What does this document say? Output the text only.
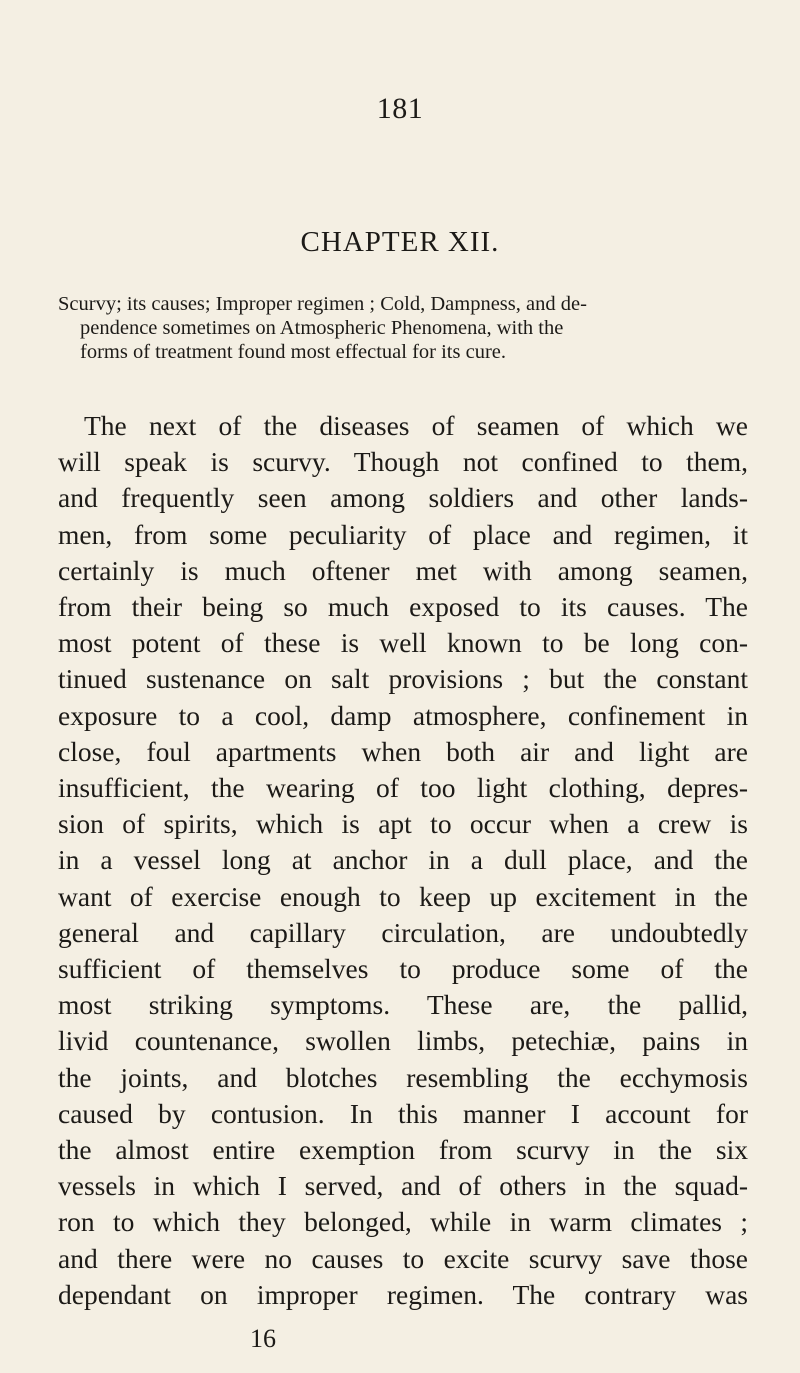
181
CHAPTER XII.
Scurvy; its causes; Improper regimen ; Cold, Dampness, and de-
pendence sometimes on Atmospheric Phenomena, with the
forms of treatment found most effectual for its cure.
The next of the diseases of seamen of which we
will speak is scurvy. Though not confined to them,
and frequently seen among soldiers and other lands-
men, from some peculiarity of place and regimen, it
certainly is much oftener met with among seamen,
from their being so much exposed to its causes. The
most potent of these is well known to be long con-
tinued sustenance on salt provisions ; but the constant
exposure to a cool, damp atmosphere, confinement in
close, foul apartments when both air and light are
insufficient, the wearing of too light clothing, depres-
sion of spirits, which is apt to occur when a crew is
in a vessel long at anchor in a dull place, and the
want of exercise enough to keep up excitement in the
general and capillary circulation, are undoubtedly
sufficient of themselves to produce some of the
most striking symptoms. These are, the pallid,
livid countenance, swollen limbs, petechiæ, pains in
the joints, and blotches resembling the ecchymosis
caused by contusion. In this manner I account for
the almost entire exemption from scurvy in the six
vessels in which I served, and of others in the squad-
ron to which they belonged, while in warm climates ;
and there were no causes to excite scurvy save those
dependant on improper regimen. The contrary was
16
